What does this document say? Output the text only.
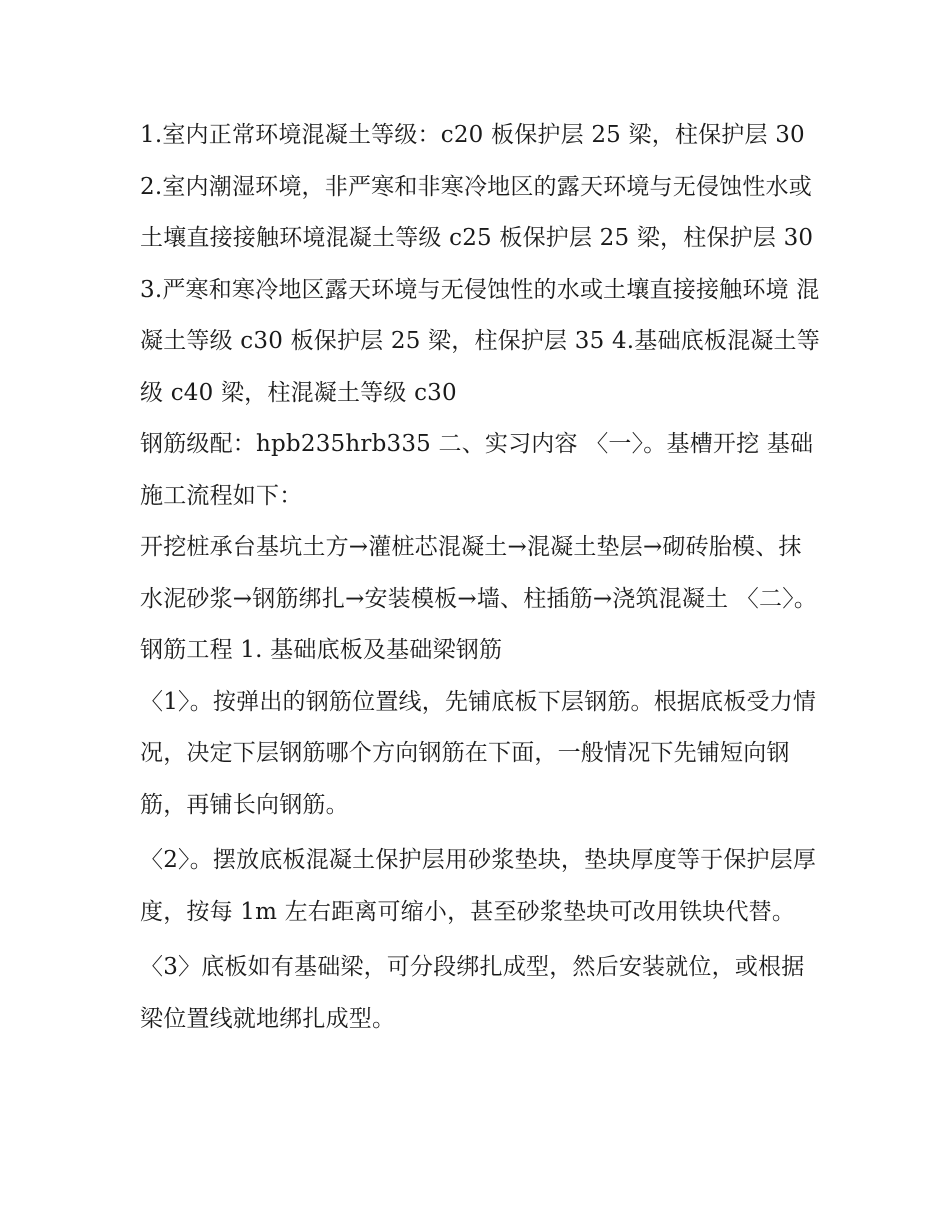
1.室内正常环境混凝土等级：c20 板保护层 25 梁，柱保护层 30

2.室内潮湿环境，非严寒和非寒冷地区的露天环境与无侵蚀性水或土壤直接接触环境混凝土等级 c25 板保护层 25 梁，柱保护层 30

3.严寒和寒冷地区露天环境与无侵蚀性的水或土壤直接接触环境 混凝土等级 c30 板保护层 25 梁，柱保护层 35 4.基础底板混凝土等级 c40 梁，柱混凝土等级 c30

钢筋级配：hpb235hrb335 二、实习内容 〈一〉。基槽开挖 基础施工流程如下：

开挖桩承台基坑土方→灌桩芯混凝土→混凝土垫层→砌砖胎模、抹水泥砂浆→钢筋绑扎→安装模板→墙、柱插筋→浇筑混凝土 〈二〉。钢筋工程 1. 基础底板及基础梁钢筋

〈1〉。按弹出的钢筋位置线，先铺底板下层钢筋。根据底板受力情况，决定下层钢筋哪个方向钢筋在下面，一般情况下先铺短向钢筋，再铺长向钢筋。

〈2〉。摆放底板混凝土保护层用砂浆垫块，垫块厚度等于保护层厚度，按每 1m 左右距离可缩小，甚至砂浆垫块可改用铁块代替。

〈3〉底板如有基础梁，可分段绑扎成型，然后安装就位，或根据梁位置线就地绑扎成型。
